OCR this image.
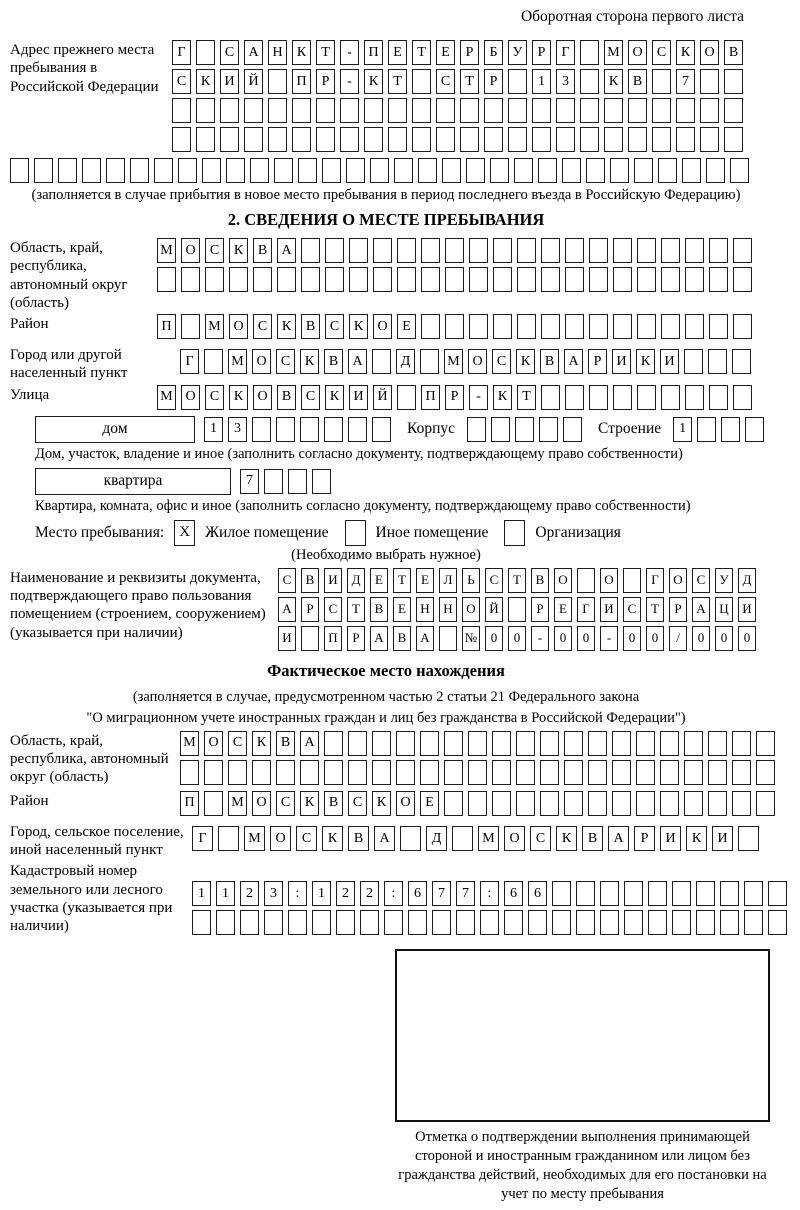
Оборотная сторона первого листа
Адрес прежнего места пребывания в Российской Федерации
Г	С	А Н	К	Т	-	П	Е	Т	Е	Р	Б	У	Р	Г	М О	С	К	О	В
С	К	И Й	П	Р	-	К	Т	С	Т	Р	1	3	К	В	7
(заполняется в случае прибытия в новое место пребывания в период последнего въезда в Российскую Федерацию)
2. СВЕДЕНИЯ О МЕСТЕ ПРЕБЫВАНИЯ
Область, край, республика, автономный округ (область)
М О	С	К	В	А
Район	П	М О	С	К	В	С	К	О	Е
Город или другой населенный пункт
Г	М О	С	К	В	А	Д	М О	С	К	В	А	Р	И	К	И
Улица	М О	С	К	О	В	С	К	И Й	П	Р	-	К	Т
дом	1	3	Корпус	Строение	1
Дом, участок, владение и иное (заполнить согласно документу, подтверждающему право собственности)
квартира	7
Квартира, комната, офис и иное (заполнить согласно документу, подтверждающему право собственности)
Место пребывания:	X Жилое помещение	Иное помещение	Организация
(Необходимо выбрать нужное)
Наименование и реквизиты документа, подтверждающего право пользования помещением (строением, сооружением) (указывается при наличии)
С	В	И	Д	Е	Т	Е	Л	Ь	С	Т	В	О	О	Г	О	С	У	Д
А	Р	С	Т	В	Е	Н	Н	О	Й	Р	Е	Г	И	С	Т	Р	А	Ц	И
И	П	Р	А	В	А	№	0	0	-	0	0	-	0	0	/	0	0	0
Фактическое место нахождения
(заполняется в случае, предусмотренном частью 2 статьи 21 Федерального закона
"О миграционном учете иностранных граждан и лиц без гражданства в Российской Федерации")
Область, край, республика, автономный округ (область)
М О	С	К	В	А
Район	П	М О	С	К	В	С	К	О	Е
Город, сельское поселение, иной населенный пункт
Г	М	О	С	К	В	А	Д	М	О	С	К	В	А	Р	И	К	И
Кадастровый номер земельного или лесного участка (указывается при наличии)
1	1	2	3	:	1	2	2	:	6	7	7	:	6	6
Отметка о подтверждении выполнения принимающей стороной и иностранным гражданином или лицом без гражданства действий, необходимых для его постановки на учет по месту пребывания
